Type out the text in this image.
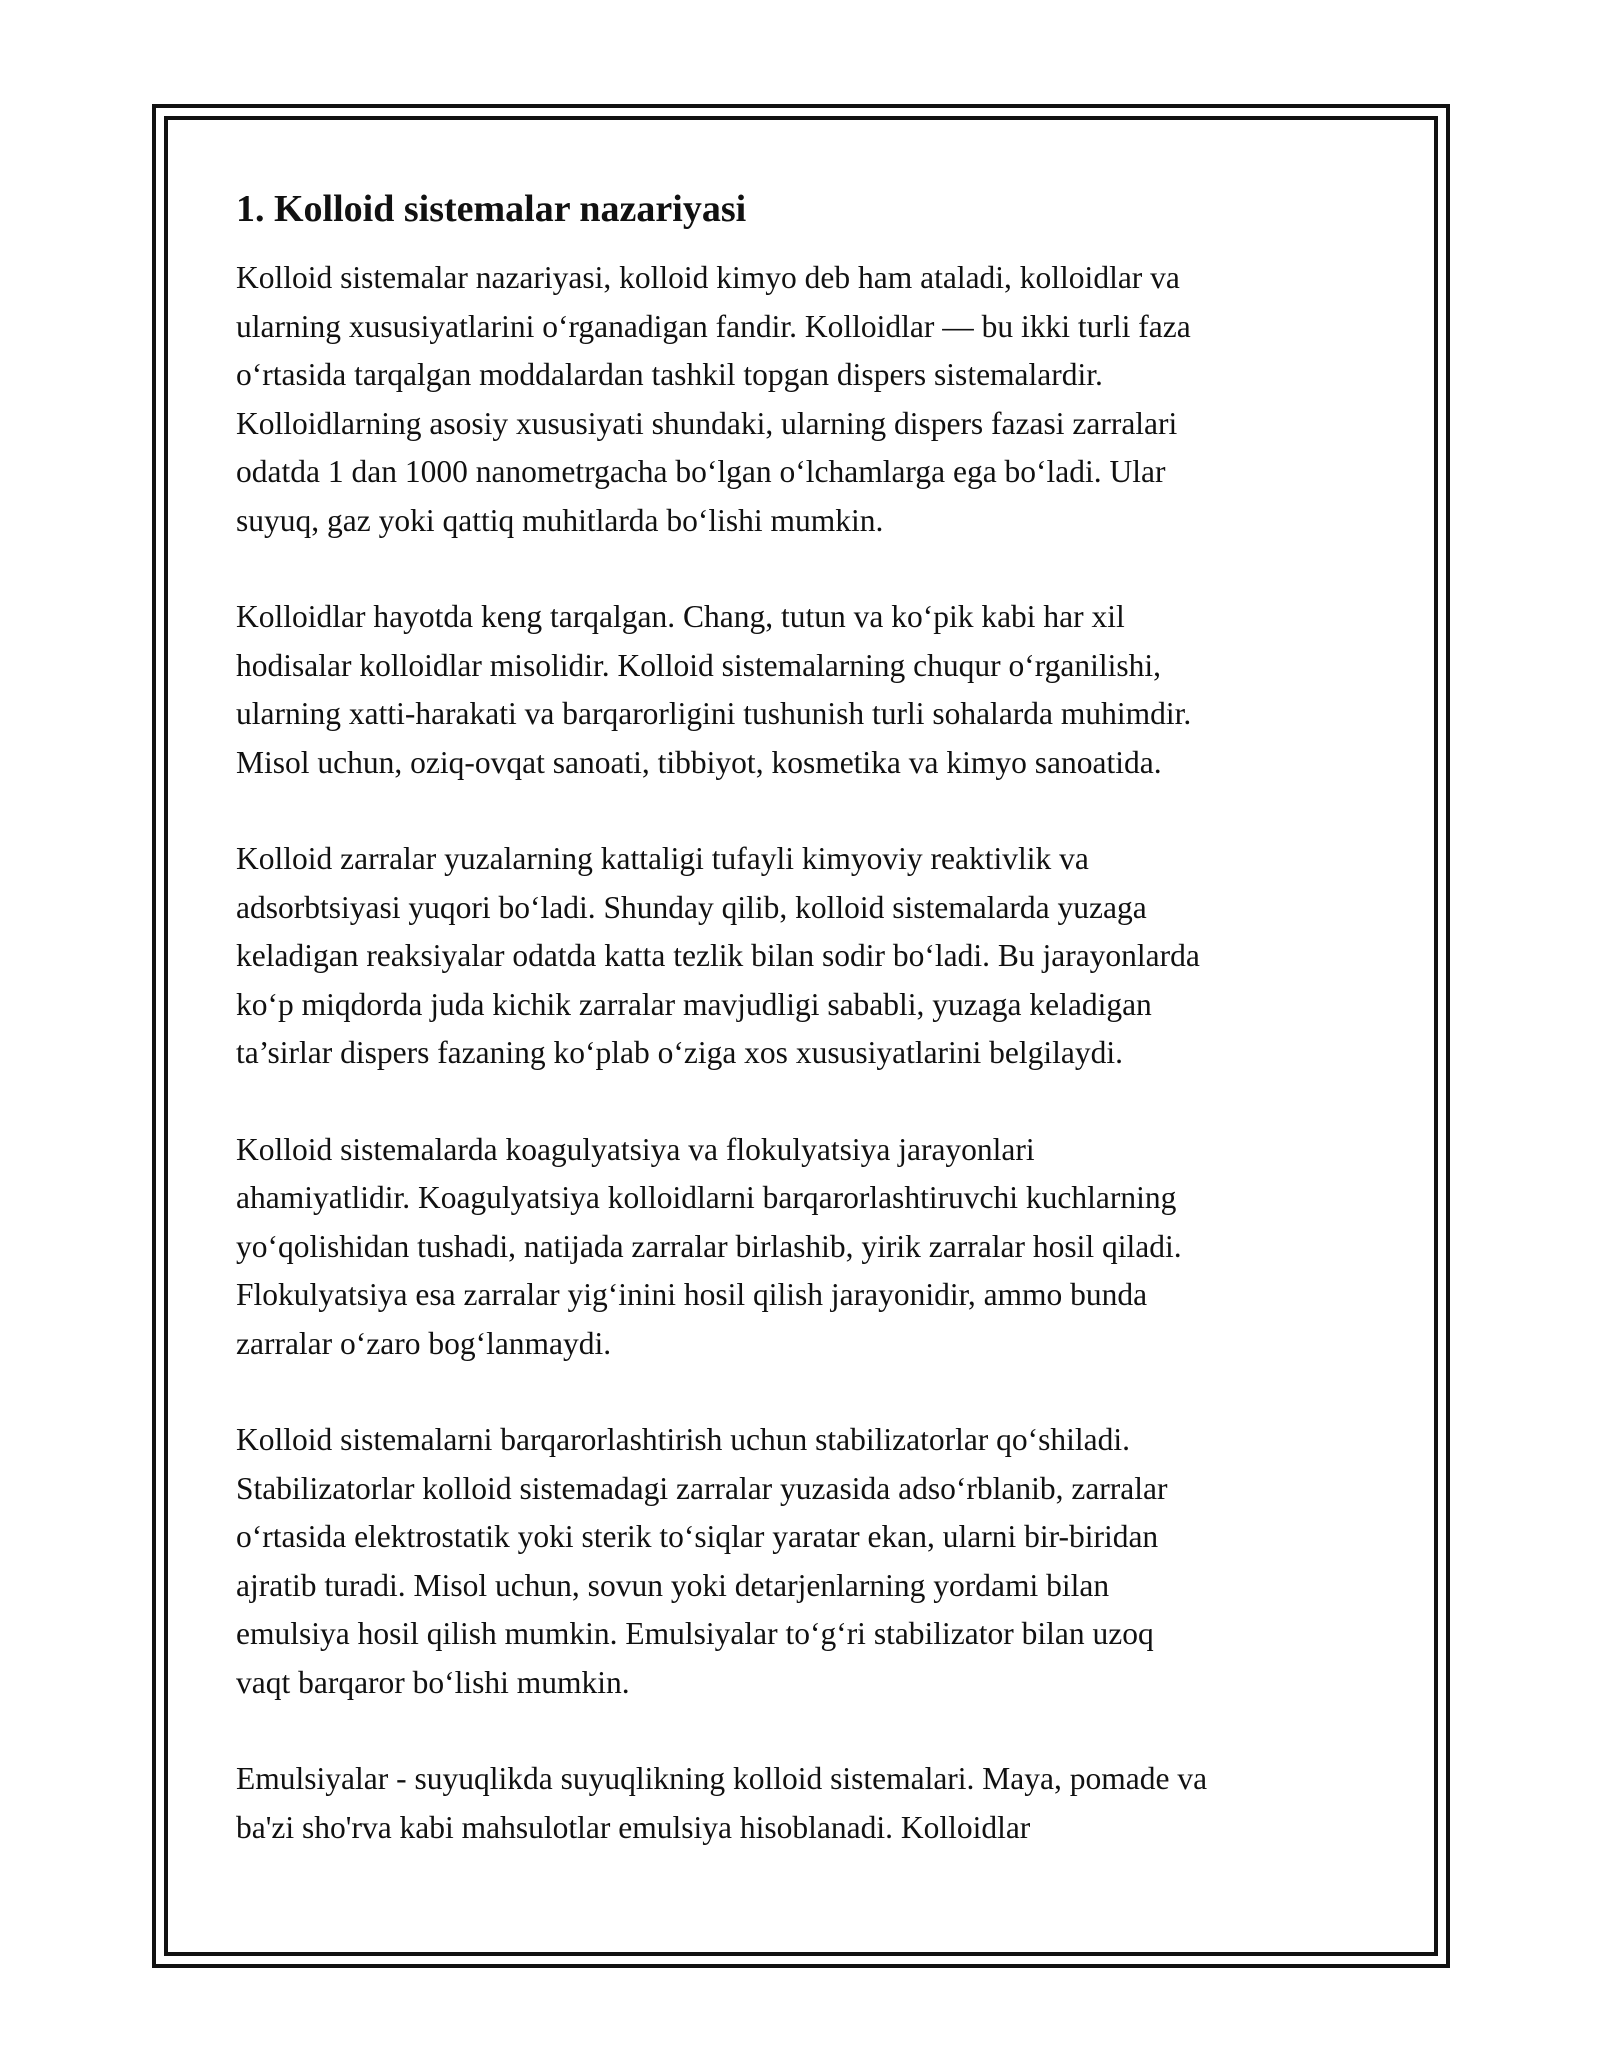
1. Kolloid sistemalar nazariyasi

Kolloid sistemalar nazariyasi, kolloid kimyo deb ham ataladi, kolloidlar va
ularning xususiyatlarini o‘rganadigan fandir. Kolloidlar — bu ikki turli faza
o‘rtasida tarqalgan moddalardan tashkil topgan dispers sistemalardir.
Kolloidlarning asosiy xususiyati shundaki, ularning dispers fazasi zarralari
odatda 1 dan 1000 nanometrgacha bo‘lgan o‘lchamlarga ega bo‘ladi. Ular
suyuq, gaz yoki qattiq muhitlarda bo‘lishi mumkin.

Kolloidlar hayotda keng tarqalgan. Chang, tutun va ko‘pik kabi har xil
hodisalar kolloidlar misolidir. Kolloid sistemalarning chuqur o‘rganilishi,
ularning xatti-harakati va barqarorligini tushunish turli sohalarda muhimdir.
Misol uchun, oziq-ovqat sanoati, tibbiyot, kosmetika va kimyo sanoatida.

Kolloid zarralar yuzalarning kattaligi tufayli kimyoviy reaktivlik va
adsorbtsiyasi yuqori bo‘ladi. Shunday qilib, kolloid sistemalarda yuzaga
keladigan reaksiyalar odatda katta tezlik bilan sodir bo‘ladi. Bu jarayonlarda
ko‘p miqdorda juda kichik zarralar mavjudligi sababli, yuzaga keladigan
ta’sirlar dispers fazaning ko‘plab o‘ziga xos xususiyatlarini belgilaydi.

Kolloid sistemalarda koagulyatsiya va flokulyatsiya jarayonlari
ahamiyatlidir. Koagulyatsiya kolloidlarni barqarorlashtiruvchi kuchlarning
yo‘qolishidan tushadi, natijada zarralar birlashib, yirik zarralar hosil qiladi.
Flokulyatsiya esa zarralar yig‘inini hosil qilish jarayonidir, ammo bunda
zarralar o‘zaro bog‘lanmaydi.

Kolloid sistemalarni barqarorlashtirish uchun stabilizatorlar qo‘shiladi.
Stabilizatorlar kolloid sistemadagi zarralar yuzasida adso‘rblanib, zarralar
o‘rtasida elektrostatik yoki sterik to‘siqlar yaratar ekan, ularni bir-biridan
ajratib turadi. Misol uchun, sovun yoki detarjenlarning yordami bilan
emulsiya hosil qilish mumkin. Emulsiyalar to‘g‘ri stabilizator bilan uzoq
vaqt barqaror bo‘lishi mumkin.

Emulsiyalar - suyuqlikda suyuqlikning kolloid sistemalari. Maya, pomade va
ba'zi sho'rva kabi mahsulotlar emulsiya hisoblanadi. Kolloidlar
